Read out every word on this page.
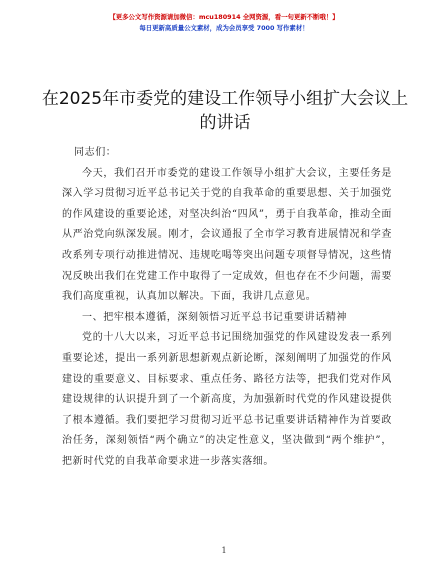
【更多公文写作资源请加微信：mcu180914 全网资源，看一句更新不断哦！】
每日更新高质量公文素材，成为会员享受 7000 写作素材！
在2025年市委党的建设工作领导小组扩大会议上的讲话

同志们：

今天，我们召开市委党的建设工作领导小组扩大会议，主要任务是深入学习贯彻习近平总书记关于党的自我革命的重要思想、关于加强党的作风建设的重要论述，对坚决纠治“四风”，勇于自我革命，推动全面从严治党向纵深发展。刚才，会议通报了全市学习教育进展情况和学查改系列专项行动推进情况、违规吃喝等突出问题专项督导情况，这些情况反映出我们在党建工作中取得了一定成效，但也存在不少问题，需要我们高度重视，认真加以解决。下面，我讲几点意见。

一、把牢根本遵循，深刻领悟习近平总书记重要讲话精神

党的十八大以来，习近平总书记围绕加强党的作风建设发表一系列重要论述，提出一系列新思想新观点新论断，深刻阐明了加强党的作风建设的重要意义、目标要求、重点任务、路径方法等，把我们党对作风建设规律的认识提升到了一个新高度，为加强新时代党的作风建设提供了根本遵循。我们要把学习贯彻习近平总书记重要讲话精神作为首要政治任务，深刻领悟“两个确立”的决定性意义，坚决做到“两个维护”，把新时代党的自我革命要求进一步落实落细。

1
